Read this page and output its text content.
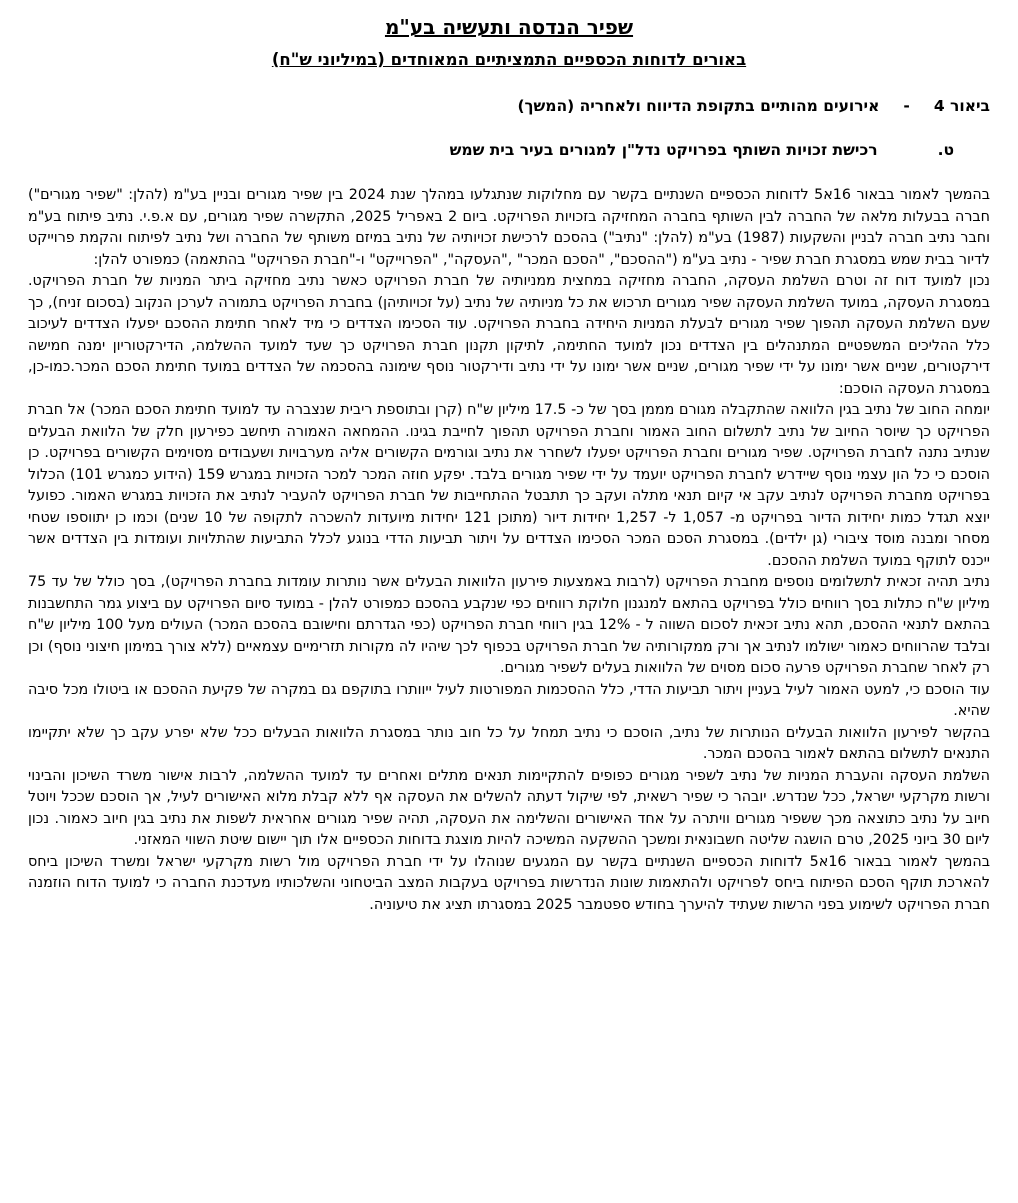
שפיר הנדסה ותעשיה בע"מ
באורים לדוחות הכספיים התמציתיים המאוחדים (במיליוני ש"ח)
ביאור 4
-
אירועים מהותיים בתקופת הדיווח ולאחריה (המשך)
ט.
רכישת זכויות השותף בפרויקט נדל"ן למגורים בעיר בית שמש

בהמשך לאמור בבאור 16א5 לדוחות הכספיים השנתיים בקשר עם מחלוקות שנתגלעו במהלך שנת 2024 בין שפיר מגורים ובניין בע"מ (להלן: "שפיר מגורים") חברה בבעלות מלאה של החברה לבין השותף בחברה המחזיקה בזכויות הפרויקט. ביום 2 באפריל 2025, התקשרה שפיר מגורים, עם א.פ.י. נתיב פיתוח בע"מ וחבר נתיב חברה לבניין והשקעות (1987) בע"מ (להלן: "נתיב") בהסכם לרכישת זכויותיה של נתיב במיזם משותף של החברה ושל נתיב לפיתוח והקמת פרוייקט לדיור בבית שמש במסגרת חברת שפיר - נתיב בע"מ ("ההסכם", "הסכם המכר" ,"העסקה", "הפרוייקט" ו-"חברת הפרויקט" בהתאמה) כמפורט להלן:

נכון למועד דוח זה וטרם השלמת העסקה, החברה מחזיקה במחצית ממניותיה של חברת הפרויקט כאשר נתיב מחזיקה ביתר המניות של חברת הפרויקט. במסגרת העסקה, במועד השלמת העסקה שפיר מגורים תרכוש את כל מניותיה של נתיב (על זכויותיהן) בחברת הפרויקט בתמורה לערכן הנקוב (בסכום זניח), כך שעם השלמת העסקה תהפוך שפיר מגורים לבעלת המניות היחידה בחברת הפרויקט. עוד הסכימו הצדדים כי מיד לאחר חתימת ההסכם יפעלו הצדדים לעיכוב כלל ההליכים המשפטיים המתנהלים בין הצדדים נכון למועד החתימה, לתיקון תקנון חברת הפרויקט כך שעד למועד ההשלמה, הדירקטוריון ימנה חמישה דירקטורים, שניים אשר ימונו על ידי שפיר מגורים, שניים אשר ימונו על ידי נתיב ודירקטור נוסף שימונה בהסכמה של הצדדים במועד חתימת הסכם המכר.כמו-כן, במסגרת העסקה הוסכם:

יומחה החוב של נתיב בגין הלוואה שהתקבלה מגורם מממן בסך של כ- 17.5 מיליון ש"ח (קרן ובתוספת ריבית שנצברה עד למועד חתימת הסכם המכר) אל חברת הפרויקט כך שיוסר החיוב של נתיב לתשלום החוב האמור וחברת הפרויקט תהפוך לחייבת בגינו. ההמחאה האמורה תיחשב כפירעון חלק של הלוואת הבעלים שנתיב נתנה לחברת הפרויקט. שפיר מגורים וחברת הפרויקט יפעלו לשחרר את נתיב וגורמים הקשורים אליה מערבויות ושעבודים מסוימים הקשורים בפרויקט. כן הוסכם כי כל הון עצמי נוסף שיידרש לחברת הפרויקט יועמד על ידי שפיר מגורים בלבד. יפקע חוזה המכר למכר הזכויות במגרש 159 (הידוע כמגרש 101) הכלול בפרויקט מחברת הפרויקט לנתיב עקב אי קיום תנאי מתלה ועקב כך תתבטל ההתחייבות של חברת הפרויקט להעביר לנתיב את הזכויות במגרש האמור. כפועל יוצא תגדל כמות יחידות הדיור בפרויקט מ- 1,057 ל- 1,257 יחידות דיור (מתוכן 121 יחידות מיועדות להשכרה לתקופה של 10 שנים) וכמו כן יתווספו שטחי מסחר ומבנה מוסד ציבורי (גן ילדים). במסגרת הסכם המכר הסכימו הצדדים על ויתור תביעות הדדי בנוגע לכלל התביעות שהתלויות ועומדות בין הצדדים אשר ייכנס לתוקף במועד השלמת ההסכם.

נתיב תהיה זכאית לתשלומים נוספים מחברת הפרויקט (לרבות באמצעות פירעון הלוואות הבעלים אשר נותרות עומדות בחברת הפרויקט), בסך כולל של עד 75 מיליון ש"ח כתלות בסך רווחים כולל בפרויקט בהתאם למנגנון חלוקת רווחים כפי שנקבע בהסכם כמפורט להלן - במועד סיום הפרויקט עם ביצוע גמר התחשבנות בהתאם לתנאי ההסכם, תהא נתיב זכאית לסכום השווה ל - 12% בגין רווחי חברת הפרויקט (כפי הגדרתם וחישובם בהסכם המכר) העולים מעל 100 מיליון ש"ח ובלבד שהרווחים כאמור ישולמו לנתיב אך ורק ממקורותיה של חברת הפרויקט בכפוף לכך שיהיו לה מקורות תזרימיים עצמאיים (ללא צורך במימון חיצוני נוסף) וכן רק לאחר שחברת הפרויקט פרעה סכום מסוים של הלוואות בעלים לשפיר מגורים.

עוד הוסכם כי, למעט האמור לעיל בעניין ויתור תביעות הדדי, כלל ההסכמות המפורטות לעיל ייוותרו בתוקפם גם במקרה של פקיעת ההסכם או ביטולו מכל סיבה שהיא.

בהקשר לפירעון הלוואות הבעלים הנותרות של נתיב, הוסכם כי נתיב תמחל על כל חוב נותר במסגרת הלוואות הבעלים ככל שלא יפרע עקב כך שלא יתקיימו התנאים לתשלום בהתאם לאמור בהסכם המכר.

השלמת העסקה והעברת המניות של נתיב לשפיר מגורים כפופים להתקיימות תנאים מתלים ואחרים עד למועד ההשלמה, לרבות אישור משרד השיכון והבינוי ורשות מקרקעי ישראל, ככל שנדרש. יובהר כי שפיר רשאית, לפי שיקול דעתה להשלים את העסקה אף ללא קבלת מלוא האישורים לעיל, אך הוסכם שככל ויוטל חיוב על נתיב כתוצאה מכך ששפיר מגורים וויתרה על אחד האישורים והשלימה את העסקה, תהיה שפיר מגורים אחראית לשפות את נתיב בגין חיוב כאמור. נכון ליום 30 ביוני 2025, טרם הושגה שליטה חשבונאית ומשכך ההשקעה המשיכה להיות מוצגת בדוחות הכספיים אלו תוך יישום שיטת השווי המאזני.

בהמשך לאמור בבאור 16א5 לדוחות הכספיים השנתיים בקשר עם המגעים שנוהלו על ידי חברת הפרויקט מול רשות מקרקעי ישראל ומשרד השיכון ביחס להארכת תוקף הסכם הפיתוח ביחס לפרויקט ולהתאמות שונות הנדרשות בפרויקט בעקבות המצב הביטחוני והשלכותיו מעדכנת החברה כי למועד הדוח הוזמנה חברת הפרויקט לשימוע בפני הרשות שעתיד להיערך בחודש ספטמבר 2025 במסגרתו תציג את טיעוניה.
